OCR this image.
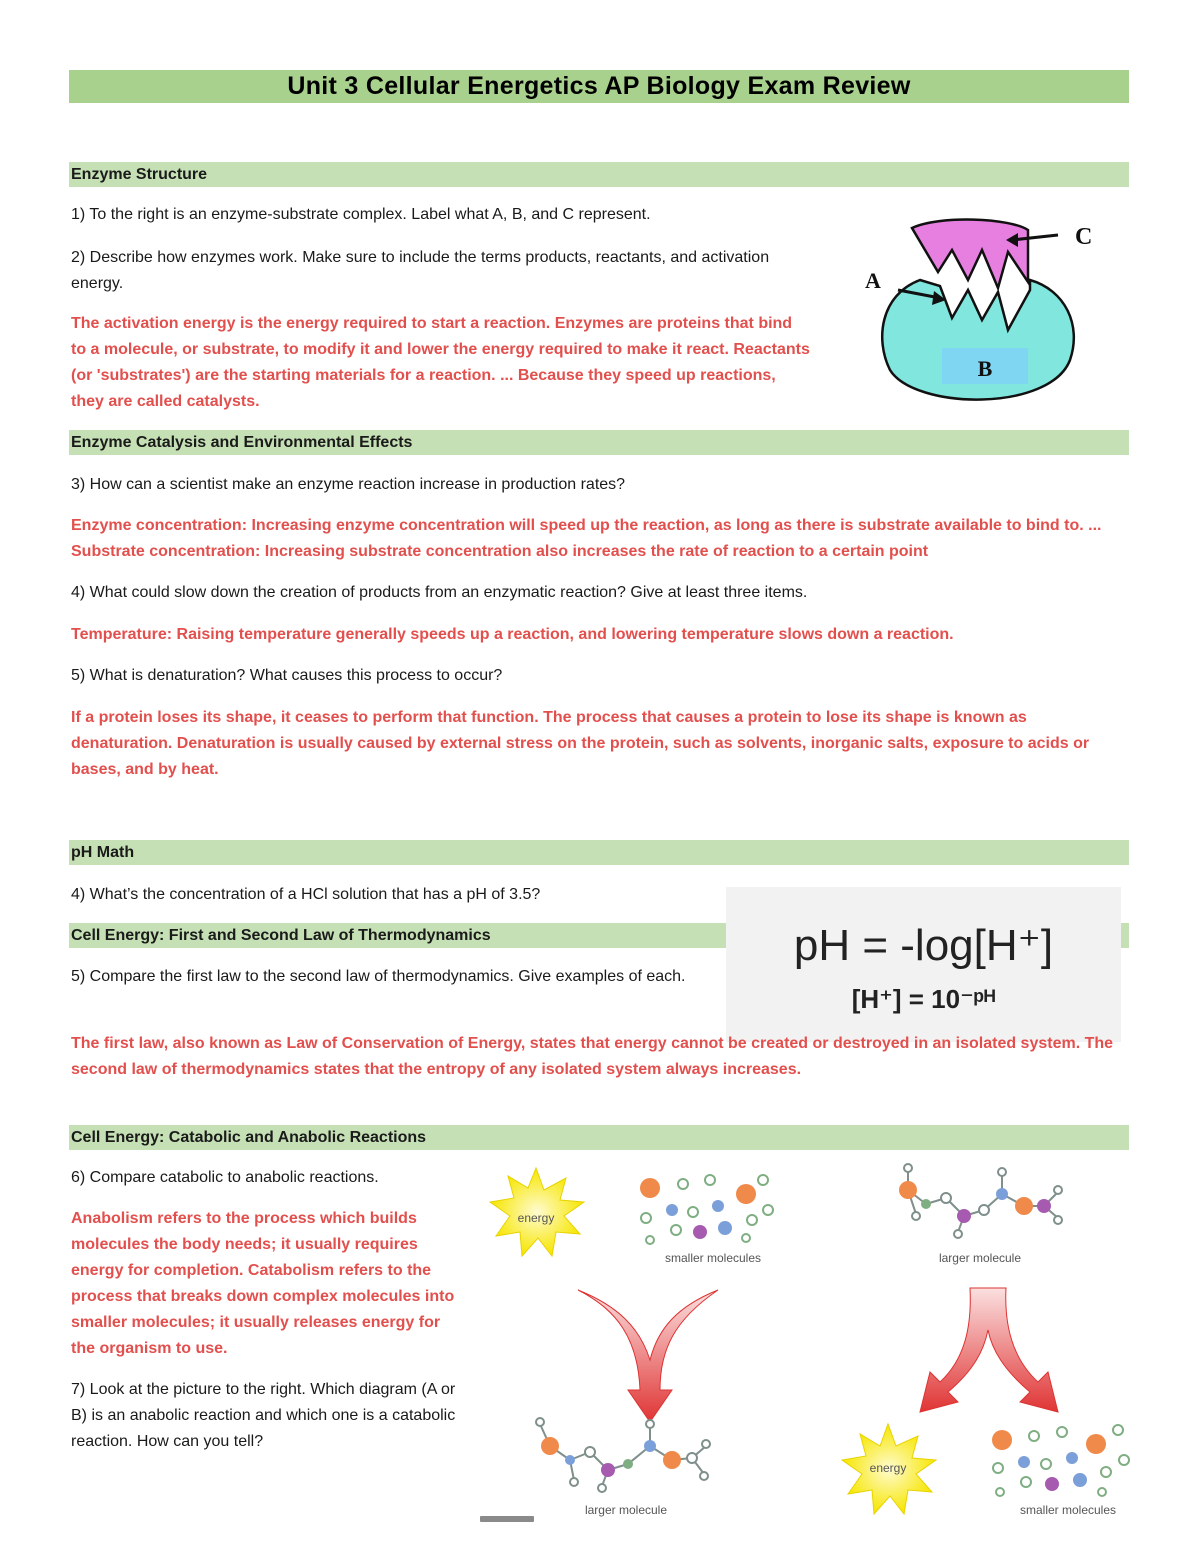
Unit 3 Cellular Energetics AP Biology Exam Review
Enzyme Structure
1) To the right is an enzyme-substrate complex. Label what A, B, and C represent.
2) Describe how enzymes work. Make sure to include the terms products, reactants, and activation energy.
The activation energy is the energy required to start a reaction. Enzymes are proteins that bind to a molecule, or substrate, to modify it and lower the energy required to make it react. Reactants (or 'substrates') are the starting materials for a reaction. ... Because they speed up reactions, they are called catalysts.
B
C
A
Enzyme Catalysis and Environmental Effects
3) How can a scientist make an enzyme reaction increase in production rates?
Enzyme concentration: Increasing enzyme concentration will speed up the reaction, as long as there is substrate available to bind to. ... Substrate concentration: Increasing substrate concentration also increases the rate of reaction to a certain point
4) What could slow down the creation of products from an enzymatic reaction? Give at least three items.
Temperature: Raising temperature generally speeds up a reaction, and lowering temperature slows down a reaction.
5) What is denaturation? What causes this process to occur?
If a protein loses its shape, it ceases to perform that function. The process that causes a protein to lose its shape is known as denaturation. Denaturation is usually caused by external stress on the protein, such as solvents, inorganic salts, exposure to acids or bases, and by heat.
pH Math
4) What’s the concentration of a HCl solution that has a pH of 3.5?
Cell Energy: First and Second Law of Thermodynamics	pH = -log[H⁺]
[H⁺] = 10⁻ᵖᴴ
5) Compare the first law to the second law of thermodynamics. Give examples of each.
The first law, also known as Law of Conservation of Energy, states that energy cannot be created or destroyed in an isolated system. The second law of thermodynamics states that the entropy of any isolated system always increases.
Cell Energy: Catabolic and Anabolic Reactions
6) Compare catabolic to anabolic reactions.
Anabolism refers to the process which builds molecules the body needs; it usually requires energy for completion. Catabolism refers to the process that breaks down complex molecules into smaller molecules; it usually releases energy for the organism to use.
7) Look at the picture to the right. Which diagram (A or B) is an anabolic reaction and which one is a catabolic reaction. How can you tell?
energy
smaller molecules	larger molecule
larger molecule
energy
smaller molecules
